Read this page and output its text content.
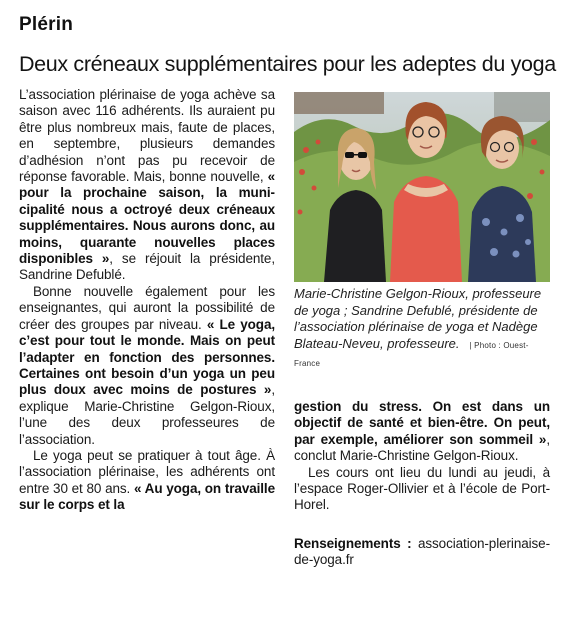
Plérin
Deux créneaux supplémentaires pour les adeptes du yoga

L’association plérinaise de yoga achève sa saison avec 116 adhérents. Ils auraient pu être plus nombreux mais, faute de places, en septembre, plusieurs demandes d’adhésion n’ont pas pu recevoir de réponse favorable. Mais, bonne nouvelle, « pour la prochaine saison, la municipalité nous a octroyé deux créneaux supplémentaires. Nous aurons donc, au moins, quarante nouvelles places disponibles », se réjouit la présidente, Sandrine Defublé.

Bonne nouvelle également pour les enseignantes, qui auront la possibilité de créer des groupes par niveau. « Le yoga, c’est pour tout le monde. Mais on peut l’adapter en fonction des personnes. Certaines ont besoin d’un yoga un peu plus doux avec moins de postures », explique Marie-Christine Gelgon-Rioux, l’une des deux professeures de l’association.

Le yoga peut se pratiquer à tout âge. À l’association plérinaise, les adhérents ont entre 30 et 80 ans. « Au yoga, on travaille sur le corps et la

Marie-Christine Gelgon-Rioux, professeure de yoga ; Sandrine Defublé, présidente de l’association plérinaise de yoga et Nadège Blateau-Neveu, professeure. | Photo : Ouest-France

gestion du stress. On est dans un objectif de santé et bien-être. On peut, par exemple, améliorer son sommeil », conclut Marie-Christine Gelgon-Rioux.

Les cours ont lieu du lundi au jeudi, à l’espace Roger-Ollivier et à l’école de Port-Horel.

Renseignements : association-plerinaise-de-yoga.fr
